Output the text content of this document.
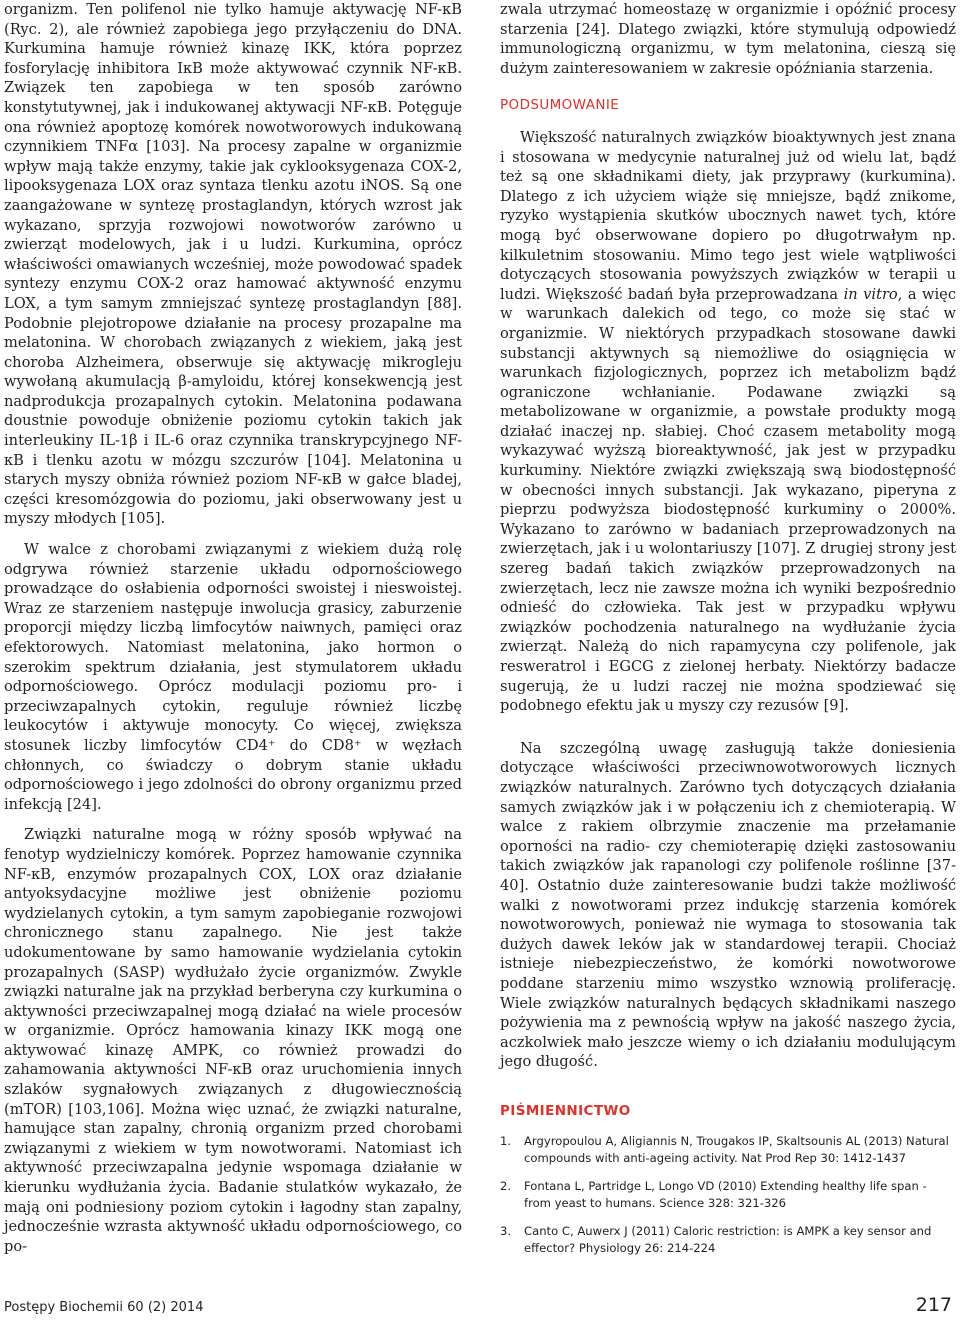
organizm. Ten polifenol nie tylko hamuje aktywację NF-κB (Ryc. 2), ale również zapobiega jego przyłączeniu do DNA. Kurkumina hamuje również kinazę IKK, która poprzez fosforylację inhibitora IκB może aktywować czynnik NF-κB. Związek ten zapobiega w ten sposób zarówno konstytutywnej, jak i indukowanej aktywacji NF-κB. Potęguje ona również apoptozę komórek nowotworowych indukowaną czynnikiem TNFα [103]. Na procesy zapalne w organizmie wpływ mają także enzymy, takie jak cyklooksygenaza COX-2, lipooksygenaza LOX oraz syntaza tlenku azotu iNOS. Są one zaangażowane w syntezę prostaglandyn, których wzrost jak wykazano, sprzyja rozwojowi nowotworów zarówno u zwierząt modelowych, jak i u ludzi. Kurkumina, oprócz właściwości omawianych wcześniej, może powodować spadek syntezy enzymu COX-2 oraz hamować aktywność enzymu LOX, a tym samym zmniejszać syntezę prostaglandyn [88]. Podobnie plejotropowe działanie na procesy prozapalne ma melatonina. W chorobach związanych z wiekiem, jaką jest choroba Alzheimera, obserwuje się aktywację mikrogleju wywołaną akumulacją β-amyloidu, której konsekwencją jest nadprodukcja prozapalnych cytokin. Melatonina podawana doustnie powoduje obniżenie poziomu cytokin takich jak interleukiny IL-1β i IL-6 oraz czynnika transkrypcyjnego NF-κB i tlenku azotu w mózgu szczurów [104]. Melatonina u starych myszy obniża również poziom NF-κB w gałce bladej, części kresomózgowia do poziomu, jaki obserwowany jest u myszy młodych [105].

W walce z chorobami związanymi z wiekiem dużą rolę odgrywa również starzenie układu odpornościowego prowadzące do osłabienia odporności swoistej i nieswoistej. Wraz ze starzeniem następuje inwolucja grasicy, zaburzenie proporcji między liczbą limfocytów naiwnych, pamięci oraz efektorowych. Natomiast melatonina, jako hormon o szerokim spektrum działania, jest stymulatorem układu odpornościowego. Oprócz modulacji poziomu pro- i przeciwzapalnych cytokin, reguluje również liczbę leukocytów i aktywuje monocyty. Co więcej, zwiększa stosunek liczby limfocytów CD4⁺ do CD8⁺ w węzłach chłonnych, co świadczy o dobrym stanie układu odpornościowego i jego zdolności do obrony organizmu przed infekcją [24].

Związki naturalne mogą w różny sposób wpływać na fenotyp wydzielniczy komórek. Poprzez hamowanie czynnika NF-κB, enzymów prozapalnych COX, LOX oraz działanie antyoksydacyjne możliwe jest obniżenie poziomu wydzielanych cytokin, a tym samym zapobieganie rozwojowi chronicznego stanu zapalnego. Nie jest także udokumentowane by samo hamowanie wydzielania cytokin prozapalnych (SASP) wydłużało życie organizmów. Zwykle związki naturalne jak na przykład berberyna czy kurkumina o aktywności przeciwzapalnej mogą działać na wiele procesów w organizmie. Oprócz hamowania kinazy IKK mogą one aktywować kinazę AMPK, co również prowadzi do zahamowania aktywności NF-κB oraz uruchomienia innych szlaków sygnałowych związanych z długowiecznością (mTOR) [103,106]. Można więc uznać, że związki naturalne, hamujące stan zapalny, chronią organizm przed chorobami związanymi z wiekiem w tym nowotworami. Natomiast ich aktywność przeciwzapalna jedynie wspomaga działanie w kierunku wydłużania życia. Badanie stulatków wykazało, że mają oni podniesiony poziom cytokin i łagodny stan zapalny, jednocześnie wzrasta aktywność układu odpornościowego, co po-

zwala utrzymać homeostazę w organizmie i opóźnić procesy starzenia [24]. Dlatego związki, które stymulują odpowiedź immunologiczną organizmu, w tym melatonina, cieszą się dużym zainteresowaniem w zakresie opóźniania starzenia.

PODSUMOWANIE

Większość naturalnych związków bioaktywnych jest znana i stosowana w medycynie naturalnej już od wielu lat, bądź też są one składnikami diety, jak przyprawy (kurkumina). Dlatego z ich użyciem wiąże się mniejsze, bądź znikome, ryzyko wystąpienia skutków ubocznych nawet tych, które mogą być obserwowane dopiero po długotrwałym np. kilkuletnim stosowaniu. Mimo tego jest wiele wątpliwości dotyczących stosowania powyższych związków w terapii u ludzi. Większość badań była przeprowadzana in vitro, a więc w warunkach dalekich od tego, co może się stać w organizmie. W niektórych przypadkach stosowane dawki substancji aktywnych są niemożliwe do osiągnięcia w warunkach fizjologicznych, poprzez ich metabolizm bądź ograniczone wchłanianie. Podawane związki są metabolizowane w organizmie, a powstałe produkty mogą działać inaczej np. słabiej. Choć czasem metabolity mogą wykazywać wyższą bioreaktywność, jak jest w przypadku kurkuminy. Niektóre związki zwiększają swą biodostępność w obecności innych substancji. Jak wykazano, piperyna z pieprzu podwyższa biodostępność kurkuminy o 2000%. Wykazano to zarówno w badaniach przeprowadzonych na zwierzętach, jak i u wolontariuszy [107]. Z drugiej strony jest szereg badań takich związków przeprowadzonych na zwierzętach, lecz nie zawsze można ich wyniki bezpośrednio odnieść do człowieka. Tak jest w przypadku wpływu związków pochodzenia naturalnego na wydłużanie życia zwierząt. Należą do nich rapamycyna czy polifenole, jak resweratrol i EGCG z zielonej herbaty. Niektórzy badacze sugerują, że u ludzi raczej nie można spodziewać się podobnego efektu jak u myszy czy rezusów [9].

Na szczególną uwagę zasługują także doniesienia dotyczące właściwości przeciwnowotworowych licznych związków naturalnych. Zarówno tych dotyczących działania samych związków jak i w połączeniu ich z chemioterapią. W walce z rakiem olbrzymie znaczenie ma przełamanie oporności na radio- czy chemioterapię dzięki zastosowaniu takich związków jak rapanologi czy polifenole roślinne [37-40]. Ostatnio duże zainteresowanie budzi także możliwość walki z nowotworami przez indukcję starzenia komórek nowotworowych, ponieważ nie wymaga to stosowania tak dużych dawek leków jak w standardowej terapii. Chociaż istnieje niebezpieczeństwo, że komórki nowotworowe poddane starzeniu mimo wszystko wznowią proliferację. Wiele związków naturalnych będących składnikami naszego pożywienia ma z pewnością wpływ na jakość naszego życia, aczkolwiek mało jeszcze wiemy o ich działaniu modulującym jego długość.

PIŚMIENNICTWO
1.	Argyropoulou A, Aligiannis N, Trougakos IP, Skaltsounis AL (2013) Natural compounds with anti-ageing activity. Nat Prod Rep 30: 1412-1437
2.	Fontana L, Partridge L, Longo VD (2010) Extending healthy life span - from yeast to humans. Science 328: 321-326
3.	Canto C, Auwerx J (2011) Caloric restriction: is AMPK a key sensor and effector? Physiology 26: 214-224
Postępy Biochemii 60 (2) 2014	217
